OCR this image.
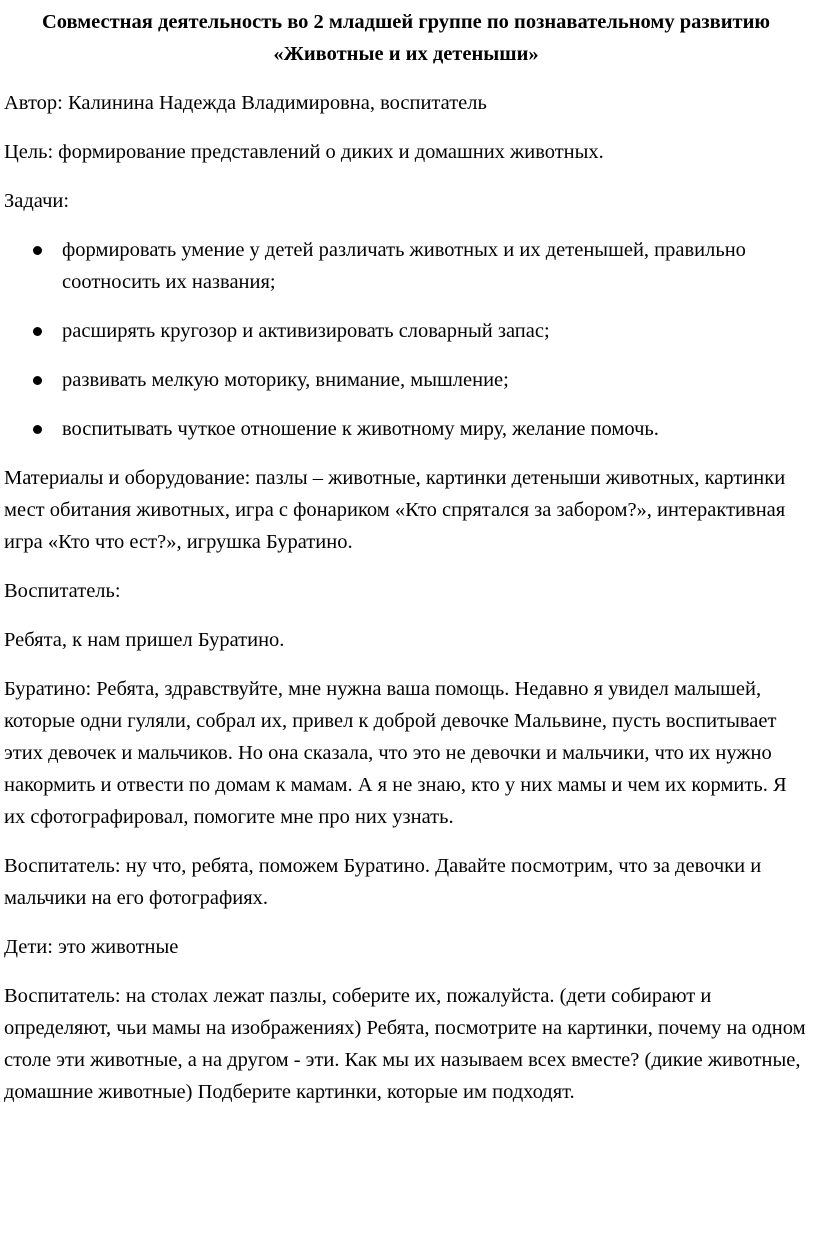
Совместная деятельность во 2 младшей группе по познавательному развитию «Животные и их детеныши»

Автор: Калинина Надежда Владимировна, воспитатель

Цель: формирование представлений о диких и домашних животных.

Задачи:

формировать умение у детей различать животных и их детенышей, правильно соотносить их названия;
расширять кругозор и активизировать словарный запас;
развивать мелкую моторику, внимание, мышление;
воспитывать чуткое отношение к животному миру, желание помочь.

Материалы и оборудование: пазлы – животные, картинки детеныши животных, картинки мест обитания животных, игра с фонариком «Кто спрятался за забором?», интерактивная игра «Кто что ест?», игрушка Буратино.

Воспитатель:

Ребята, к нам пришел Буратино.

Буратино: Ребята, здравствуйте, мне нужна ваша помощь. Недавно я увидел малышей, которые одни гуляли, собрал их, привел к доброй девочке Мальвине, пусть воспитывает этих девочек и мальчиков. Но она сказала, что это не девочки и мальчики, что их нужно накормить и отвести по домам к мамам. А я не знаю, кто у них мамы и чем их кормить. Я их сфотографировал, помогите мне про них узнать.

Воспитатель: ну что, ребята, поможем Буратино. Давайте посмотрим, что за девочки и мальчики на его фотографиях.

Дети: это животные

Воспитатель: на столах лежат пазлы, соберите их, пожалуйста. (дети собирают и определяют, чьи мамы на изображениях) Ребята, посмотрите на картинки, почему на одном столе эти животные, а на другом - эти. Как мы их называем всех вместе? (дикие животные, домашние животные) Подберите картинки, которые им подходят.
